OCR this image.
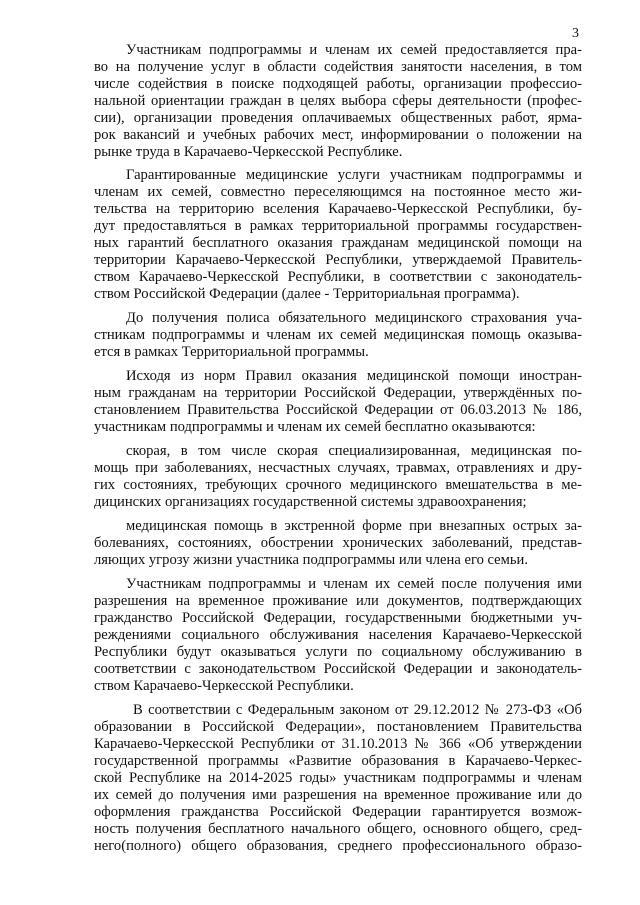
3
Участникам подпрограммы и членам их семей предоставляется пра-
во на получение услуг в области содействия занятости населения, в том
числе содействия в поиске подходящей работы, организации профессио-
нальной ориентации граждан в целях выбора сферы деятельности (профес-
сии), организации проведения оплачиваемых общественных работ, ярма-
рок вакансий и учебных рабочих мест, информировании о положении на
рынке труда в Карачаево-Черкесской Республике.
Гарантированные медицинские услуги участникам подпрограммы и
членам их семей, совместно переселяющимся на постоянное место жи-
тельства на территорию вселения Карачаево-Черкесской Республики, бу-
дут предоставляться в рамках территориальной программы государствен-
ных гарантий бесплатного оказания гражданам медицинской помощи на
территории Карачаево-Черкесской Республики, утверждаемой Правитель-
ством Карачаево-Черкесской Республики, в соответствии с законодатель-
ством Российской Федерации (далее - Территориальная программа).
До получения полиса обязательного медицинского страхования уча-
стникам подпрограммы и членам их семей медицинская помощь оказыва-
ется в рамках Территориальной программы.
Исходя из норм Правил оказания медицинской помощи иностран-
ным гражданам на территории Российской Федерации, утверждённых по-
становлением Правительства Российской Федерации от 06.03.2013 № 186,
участникам подпрограммы и членам их семей бесплатно оказываются:
скорая, в том числе скорая специализированная, медицинская по-
мощь при заболеваниях, несчастных случаях, травмах, отравлениях и дру-
гих состояниях, требующих срочного медицинского вмешательства в ме-
дицинских организациях государственной системы здравоохранения;
медицинская помощь в экстренной форме при внезапных острых за-
болеваниях, состояниях, обострении хронических заболеваний, представ-
ляющих угрозу жизни участника подпрограммы или члена его семьи.
Участникам подпрограммы и членам их семей после получения ими
разрешения на временное проживание или документов, подтверждающих
гражданство Российской Федерации, государственными бюджетными уч-
реждениями социального обслуживания населения Карачаево-Черкесской
Республики будут оказываться услуги по социальному обслуживанию в
соответствии с законодательством Российской Федерации и законодатель-
ством Карачаево-Черкесской Республики.
В соответствии с Федеральным законом от 29.12.2012 № 273-ФЗ «Об
образовании в Российской Федерации», постановлением Правительства
Карачаево-Черкесской Республики от 31.10.2013 № 366 «Об утверждении
государственной программы «Развитие образования в Карачаево-Черкес-
ской Республике на 2014-2025 годы» участникам подпрограммы и членам
их семей до получения ими разрешения на временное проживание или до
оформления гражданства Российской Федерации гарантируется возмож-
ность получения бесплатного начального общего, основного общего, сред-
него(полного) общего образования, среднего профессионального образо-
